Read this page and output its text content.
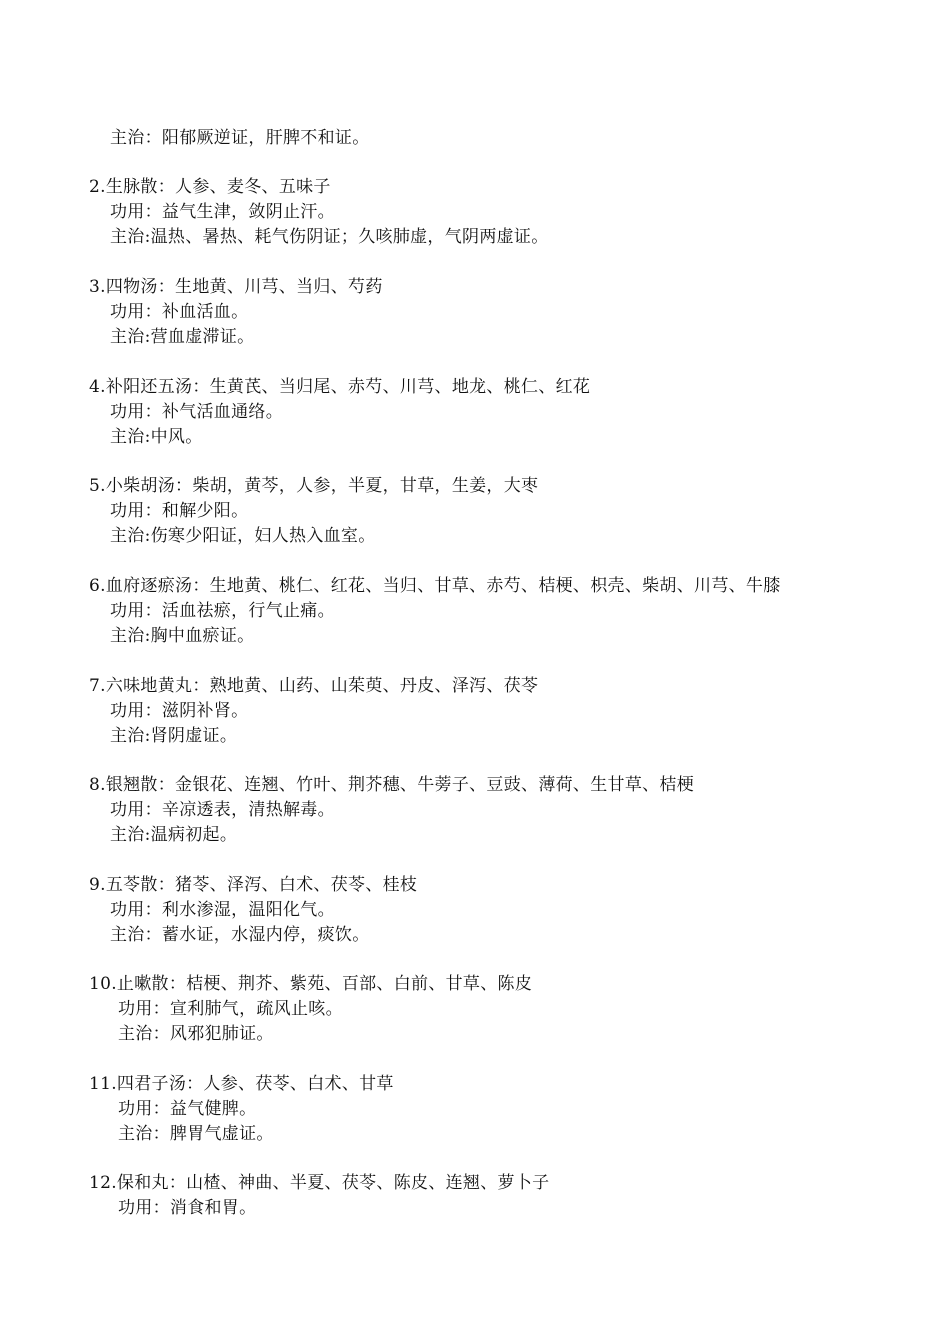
主治：阳郁厥逆证，肝脾不和证。
2.生脉散：人参、麦冬、五味子
功用：益气生津，敛阴止汗。
主治:温热、暑热、耗气伤阴证；久咳肺虚，气阴两虚证。
3.四物汤：生地黄、川芎、当归、芍药
功用：补血活血。
主治:营血虚滞证。
4.补阳还五汤：生黄芪、当归尾、赤芍、川芎、地龙、桃仁、红花
功用：补气活血通络。
主治:中风。
5.小柴胡汤：柴胡，黄芩，人参，半夏，甘草，生姜，大枣
功用：和解少阳。
主治:伤寒少阳证，妇人热入血室。
6.血府逐瘀汤：生地黄、桃仁、红花、当归、甘草、赤芍、桔梗、枳壳、柴胡、川芎、牛膝
功用：活血祛瘀，行气止痛。
主治:胸中血瘀证。
7.六味地黄丸：熟地黄、山药、山茱萸、丹皮、泽泻、茯苓
功用：滋阴补肾。
主治:肾阴虚证。
8.银翘散：金银花、连翘、竹叶、荆芥穗、牛蒡子、豆豉、薄荷、生甘草、桔梗
功用：辛凉透表，清热解毒。
主治:温病初起。
9.五苓散：猪苓、泽泻、白术、茯苓、桂枝
功用：利水渗湿，温阳化气。
主治：蓄水证，水湿内停，痰饮。
10.止嗽散：桔梗、荆芥、紫苑、百部、白前、甘草、陈皮
功用：宣利肺气，疏风止咳。
主治：风邪犯肺证。
11.四君子汤：人参、茯苓、白术、甘草
功用：益气健脾。
主治：脾胃气虚证。
12.保和丸：山楂、神曲、半夏、茯苓、陈皮、连翘、萝卜子
功用：消食和胃。
